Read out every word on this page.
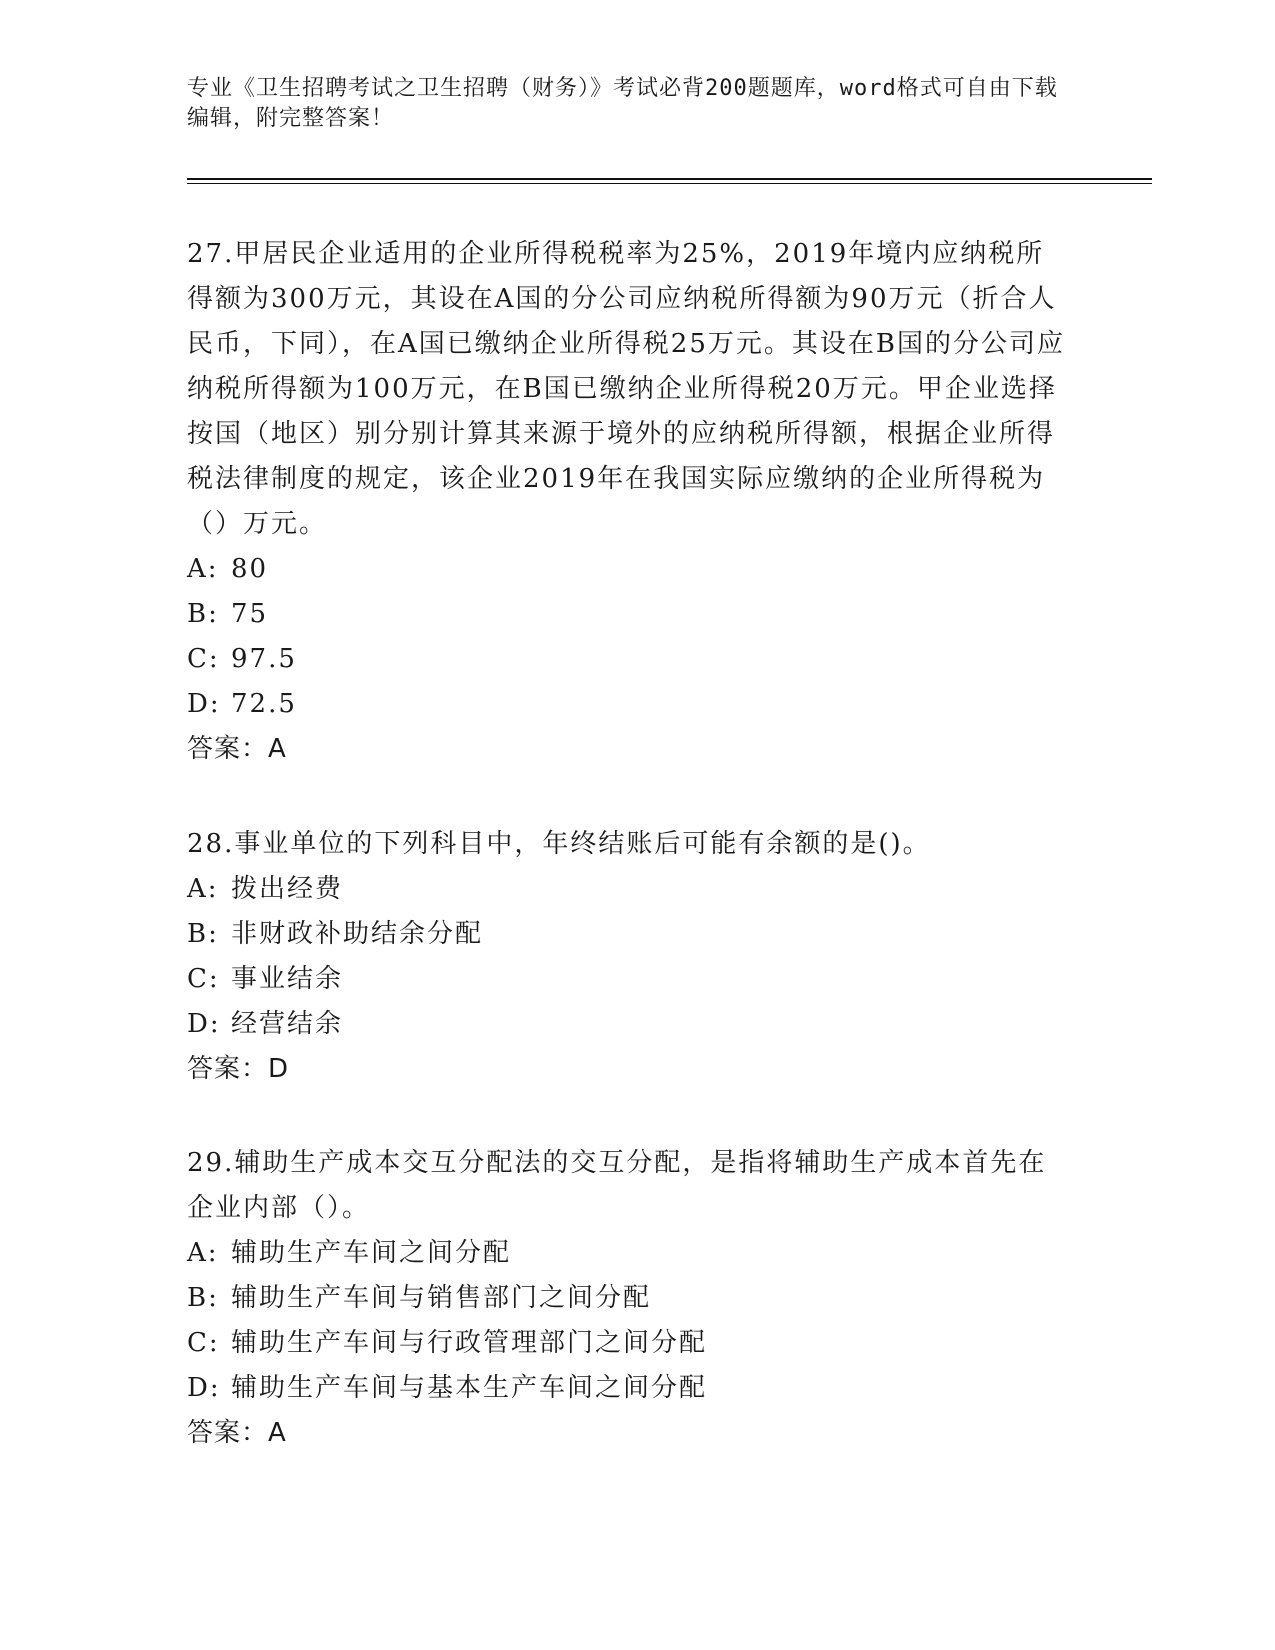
专业《卫生招聘考试之卫生招聘（财务）》考试必背200题题库，word格式可自由下载编辑，附完整答案！

27.甲居民企业适用的企业所得税税率为25%，2019年境内应纳税所得额为300万元，其设在A国的分公司应纳税所得额为90万元（折合人民币，下同），在A国已缴纳企业所得税25万元。其设在B国的分公司应纳税所得额为100万元，在B国已缴纳企业所得税20万元。甲企业选择按国（地区）别分别计算其来源于境外的应纳税所得额，根据企业所得税法律制度的规定，该企业2019年在我国实际应缴纳的企业所得税为（）万元。

A: 80

B: 75

C: 97.5

D: 72.5

答案：A

28.事业单位的下列科目中，年终结账后可能有余额的是()。

A: 拨出经费

B: 非财政补助结余分配

C: 事业结余

D: 经营结余

答案：D

29.辅助生产成本交互分配法的交互分配，是指将辅助生产成本首先在企业内部（）。

A: 辅助生产车间之间分配

B: 辅助生产车间与销售部门之间分配

C: 辅助生产车间与行政管理部门之间分配

D: 辅助生产车间与基本生产车间之间分配

答案：A
